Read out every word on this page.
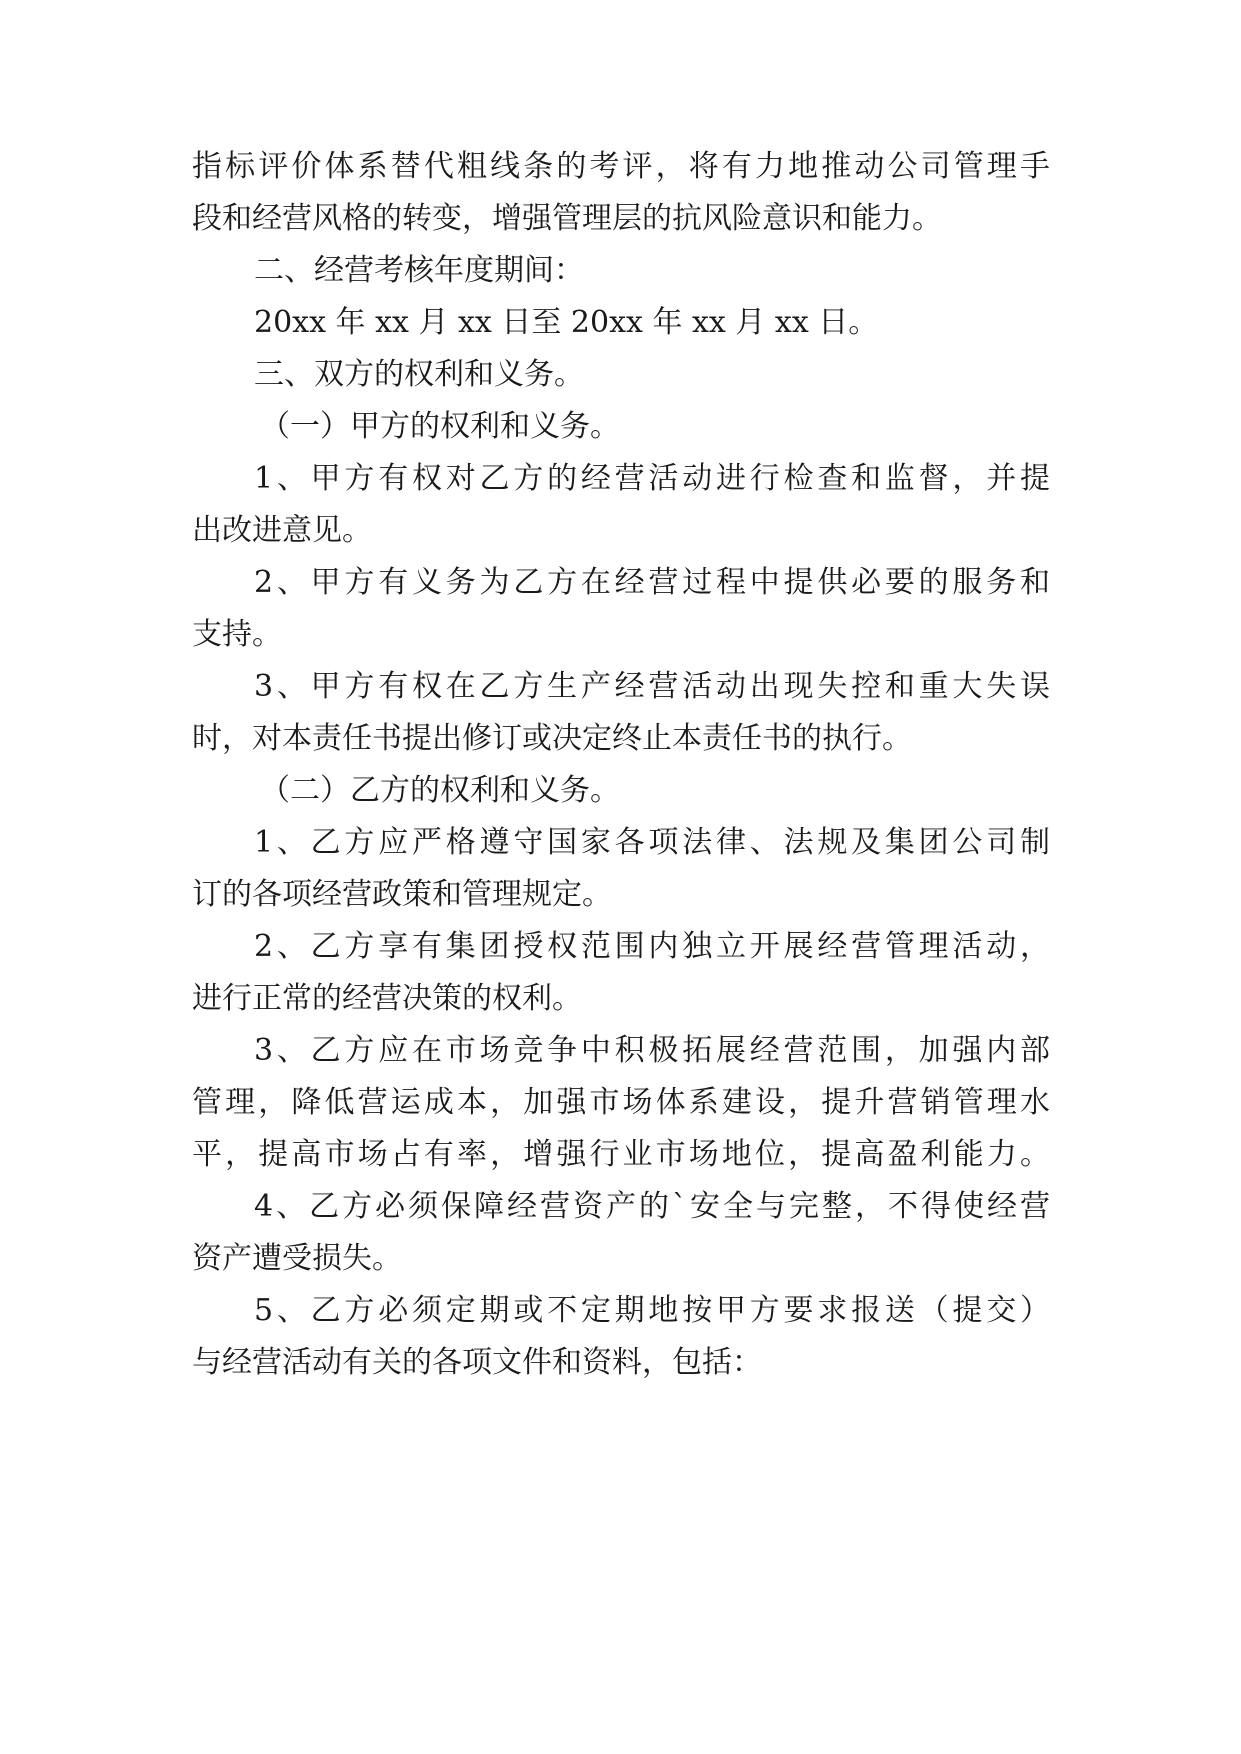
指标评价体系替代粗线条的考评，将有力地推动公司管理手
段和经营风格的转变，增强管理层的抗风险意识和能力。
二、经营考核年度期间：
20xx 年 xx 月 xx 日至 20xx 年 xx 月 xx 日。
三、双方的权利和义务。
（一）甲方的权利和义务。
1、甲方有权对乙方的经营活动进行检查和监督，并提
出改进意见。
2、甲方有义务为乙方在经营过程中提供必要的服务和
支持。
3、甲方有权在乙方生产经营活动出现失控和重大失误
时，对本责任书提出修订或决定终止本责任书的执行。
（二）乙方的权利和义务。
1、乙方应严格遵守国家各项法律、法规及集团公司制
订的各项经营政策和管理规定。
2、乙方享有集团授权范围内独立开展经营管理活动，
进行正常的经营决策的权利。
3、乙方应在市场竞争中积极拓展经营范围，加强内部
管理，降低营运成本，加强市场体系建设，提升营销管理水
平，提高市场占有率，增强行业市场地位，提高盈利能力。
4、乙方必须保障经营资产的`安全与完整，不得使经营
资产遭受损失。
5、乙方必须定期或不定期地按甲方要求报送（提交）
与经营活动有关的各项文件和资料，包括：
